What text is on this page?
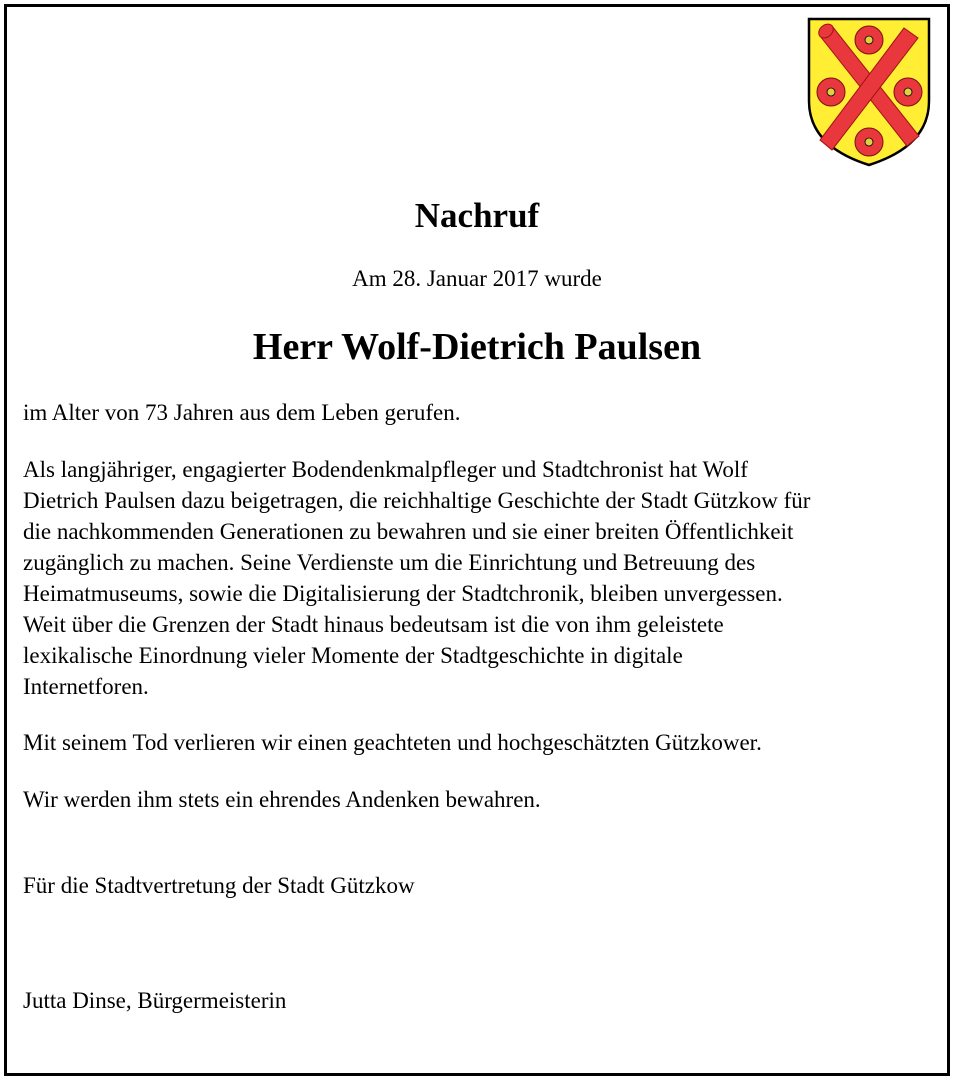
Nachruf
Am 28. Januar 2017 wurde
Herr Wolf-Dietrich Paulsen
im Alter von 73 Jahren aus dem Leben gerufen.
Als langjähriger, engagierter Bodendenkmalpfleger und Stadtchronist hat Wolf
Dietrich Paulsen dazu beigetragen, die reichhaltige Geschichte der Stadt Gützkow für
die nachkommenden Generationen zu bewahren und sie einer breiten Öffentlichkeit
zugänglich zu machen. Seine Verdienste um die Einrichtung und Betreuung des
Heimatmuseums, sowie die Digitalisierung der Stadtchronik, bleiben unvergessen.
Weit über die Grenzen der Stadt hinaus bedeutsam ist die von ihm geleistete
lexikalische Einordnung vieler Momente der Stadtgeschichte in digitale
Internetforen.
Mit seinem Tod verlieren wir einen geachteten und hochgeschätzten Gützkower.
Wir werden ihm stets ein ehrendes Andenken bewahren.
Für die Stadtvertretung der Stadt Gützkow
Jutta Dinse, Bürgermeisterin
